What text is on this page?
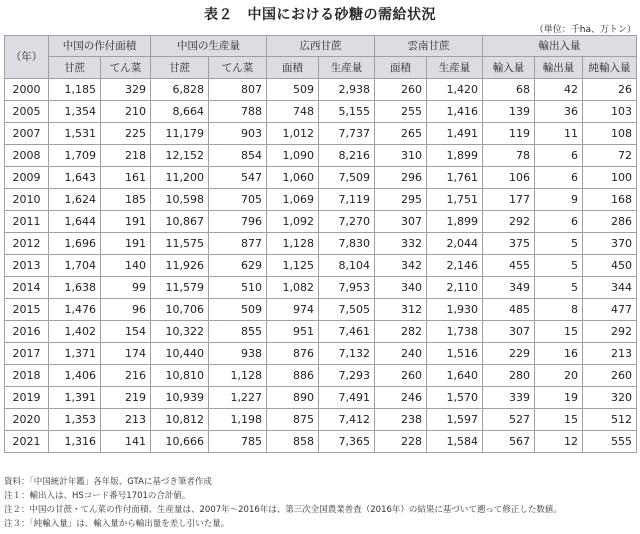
表２　中国における砂糖の需給状況
（単位：千ha、万トン）
（年）	中国の作付面積		中国の生産量		広西甘蔗		雲南甘蔗		輸出入量		
	甘蔗	てん菜	甘蔗	てん菜	面積	生産量	面積	生産量	輸入量	輸出量	純輸入量
2000	1,185	329	6,828	807	509	2,938	260	1,420	68	42	26
2005	1,354	210	8,664	788	748	5,155	255	1,416	139	36	103
2007	1,531	225	11,179	903	1,012	7,737	265	1,491	119	11	108
2008	1,709	218	12,152	854	1,090	8,216	310	1,899	78	6	72
2009	1,643	161	11,200	547	1,060	7,509	296	1,761	106	6	100
2010	1,624	185	10,598	705	1,069	7,119	295	1,751	177	9	168
2011	1,644	191	10,867	796	1,092	7,270	307	1,899	292	6	286
2012	1,696	191	11,575	877	1,128	7,830	332	2,044	375	5	370
2013	1,704	140	11,926	629	1,125	8,104	342	2,146	455	5	450
2014	1,638	99	11,579	510	1,082	7,953	340	2,110	349	5	344
2015	1,476	96	10,706	509	974	7,505	312	1,930	485	8	477
2016	1,402	154	10,322	855	951	7,461	282	1,738	307	15	292
2017	1,371	174	10,440	938	876	7,132	240	1,516	229	16	213
2018	1,406	216	10,810	1,128	886	7,293	260	1,640	280	20	260
2019	1,391	219	10,939	1,227	890	7,491	246	1,570	339	19	320
2020	1,353	213	10,812	1,198	875	7,412	238	1,597	527	15	512
2021	1,316	141	10,666	785	858	7,365	228	1,584	567	12	555
資料：「中国統計年鑑」各年版、GTAに基づき筆者作成
注１：輸出入は、HSコード番号1701の合計値。
注２：中国の甘蔗・てん菜の作付面積、生産量は、2007年～2016年は、第三次全国農業普査（2016年）の結果に基づいて遡って修正した数値。
注３：「純輸入量」は、輸入量から輸出量を差し引いた量。
